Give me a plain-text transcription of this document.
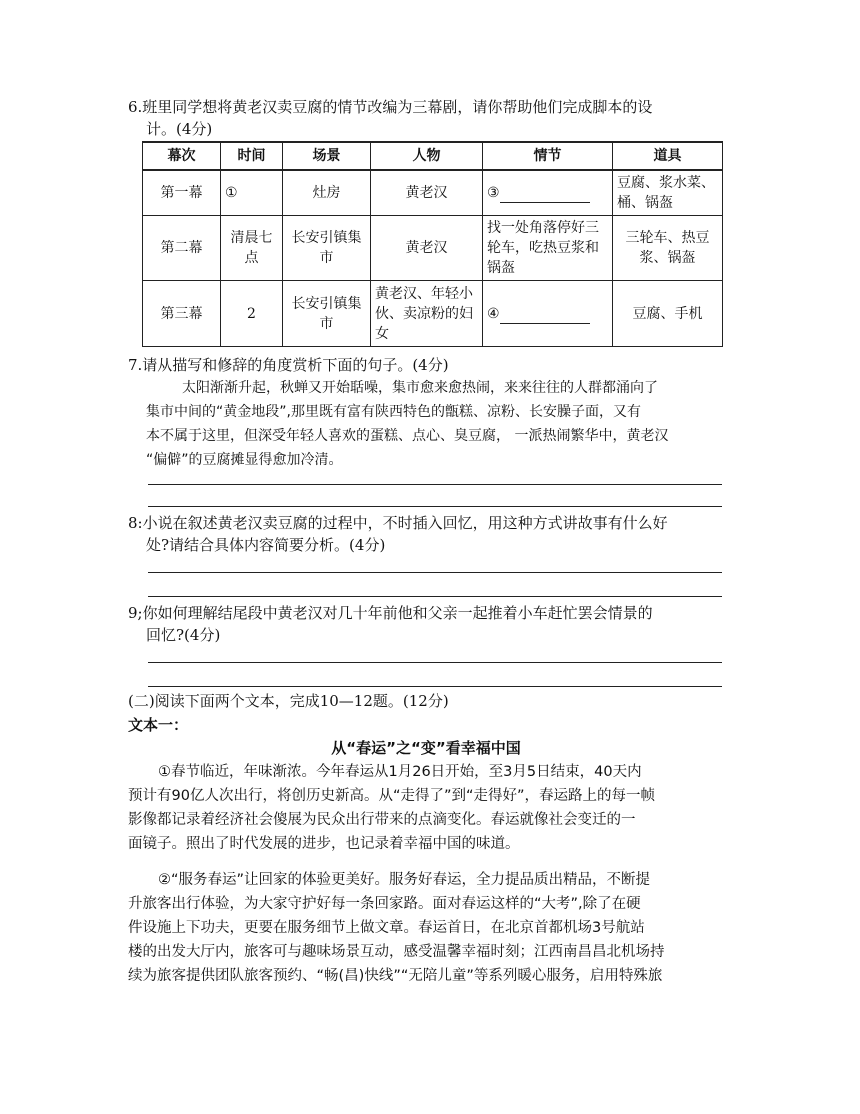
6.班里同学想将黄老汉卖豆腐的情节改编为三幕剧，请你帮助他们完成脚本的设
计。(4分)
幕次	时间	场景	人物	情节	道具
第一幕	①	灶房	黄老汉	③	豆腐、浆水菜、桶、锅盔
第二幕	清晨七点	长安引镇集市	黄老汉	找一处角落停好三轮车，吃热豆浆和锅盔	三轮车、热豆浆、锅盔
第三幕	2	长安引镇集市	黄老汉、年轻小伙、卖凉粉的妇女	④	豆腐、手机
7.请从描写和修辞的角度赏析下面的句子。(4分)
太阳渐渐升起，秋蝉又开始聒噪，集市愈来愈热闹，来来往往的人群都涌向了
集市中间的“黄金地段”,那里既有富有陕西特色的甑糕、凉粉、长安臊子面，又有
本不属于这里，但深受年轻人喜欢的蛋糕、点心、臭豆腐， 一派热闹繁华中，黄老汉
“偏僻”的豆腐摊显得愈加冷清。
8:小说在叙述黄老汉卖豆腐的过程中，不时插入回忆，用这种方式讲故事有什么好
处?请结合具体内容简要分析。(4分)
9;你如何理解结尾段中黄老汉对几十年前他和父亲一起推着小车赶忙罢会情景的
回忆?(4分)
(二)阅读下面两个文本，完成10—12题。(12分)
文本一：
从“春运”之“变”看幸福中国
①春节临近，年味渐浓。今年春运从1月26日开始，至3月5日结束，40天内
预计有90亿人次出行，将创历史新高。从“走得了”到“走得好”，春运路上的每一帧
影像都记录着经济社会傻展为民众出行带来的点滴变化。春运就像社会变迁的一
面镜子。照出了时代发展的进步，也记录着幸福中国的味道。
②“服务春运”让回家的体验更美好。服务好春运，全力提品质出精品，不断提
升旅客出行体验，为大家守护好每一条回家路。面对春运这样的“大考”,除了在硬
件设施上下功夫，更要在服务细节上做文章。春运首日，在北京首都机场3号航站
楼的出发大厅内，旅客可与趣味场景互动，感受温馨幸福时刻；江西南昌昌北机场持
续为旅客提供团队旅客预约、“畅(昌)快线”“无陪儿童”等系列暖心服务，启用特殊旅
